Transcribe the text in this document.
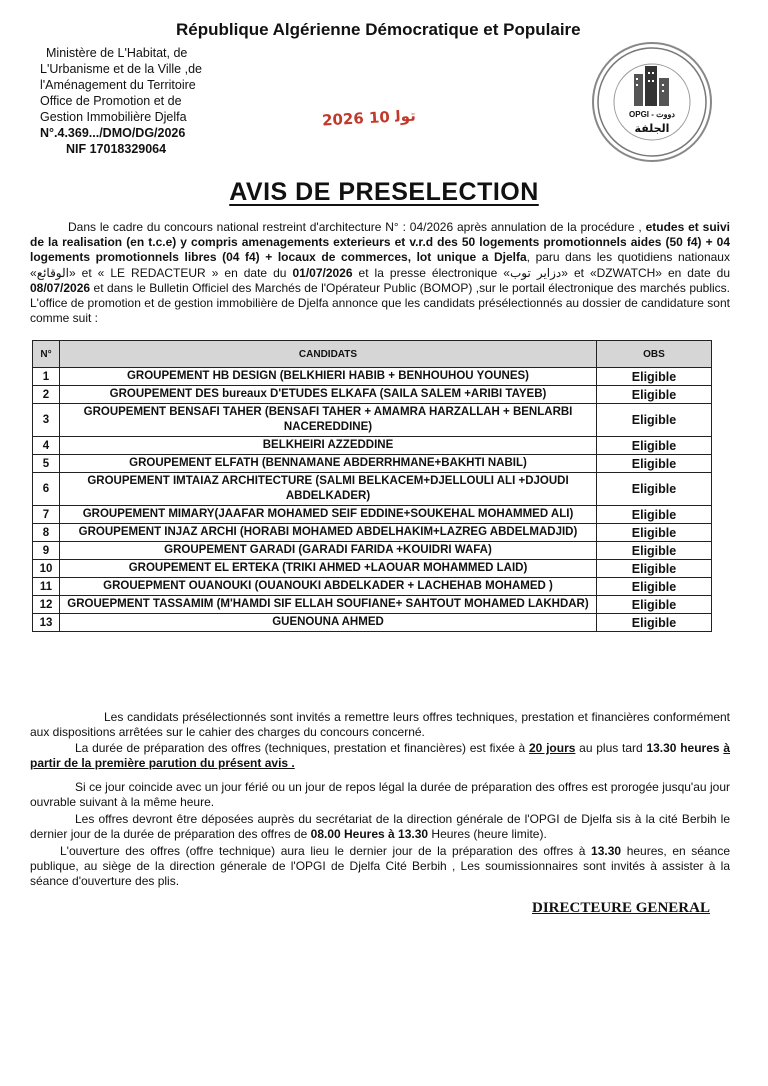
République Algérienne Démocratique et Populaire
Ministère de L'Habitat, de
L'Urbanisme et de la Ville ,de
l'Aménagement du Territoire
Office de Promotion et de
Gestion Immobilière Djelfa
N°.4.369.../DMO/DG/2026
NIF 17018329064
2026 ﺗﻮﻟ 10	OPGI - ﺩﻭﻭﺕ
الجلفة
AVIS DE PRESELECTION
Dans le cadre du concours national restreint d'architecture N° : 04/2026 après annulation de la procédure , etudes et suivi de la realisation (en t.c.e) y compris amenagements exterieurs et v.r.d des 50 logements promotionnels aides (50 f4) + 04 logements promotionnels libres (04 f4) + locaux de commerces, lot unique a Djelfa, paru dans les quotidiens nationaux «الوقائع» et « LE REDACTEUR » en date du 01/07/2026 et la presse électronique «دزاير توب» et «DZWATCH» en date du 08/07/2026 et dans le Bulletin Officiel des Marchés de l'Opérateur Public (BOMOP) ,sur le portail électronique des marchés publics. L'office de promotion et de gestion immobilière de Djelfa annonce que les candidats présélectionnés au dossier de candidature sont comme suit :
N°	CANDIDATS	OBS
1	GROUPEMENT HB DESIGN (BELKHIERI HABIB + BENHOUHOU YOUNES)	Eligible
2	GROUPEMENT DES bureaux D'ETUDES ELKAFA (SAILA SALEM +ARIBI TAYEB)	Eligible
3	GROUPEMENT BENSAFI TAHER (BENSAFI TAHER + AMAMRA HARZALLAH + BENLARBI NACEREDDINE)	Eligible
4	BELKHEIRI AZZEDDINE	Eligible
5	GROUPEMENT ELFATH (BENNAMANE ABDERRHMANE+BAKHTI NABIL)	Eligible
6	GROUPEMENT IMTAIAZ ARCHITECTURE (SALMI BELKACEM+DJELLOULI ALI +DJOUDI ABDELKADER)	Eligible
7	GROUPEMENT MIMARY(JAAFAR MOHAMED SEIF EDDINE+SOUKEHAL MOHAMMED ALI)	Eligible
8	GROUPEMENT INJAZ ARCHI (HORABI MOHAMED ABDELHAKIM+LAZREG ABDELMADJID)	Eligible
9	GROUPEMENT GARADI (GARADI FARIDA +KOUIDRI WAFA)	Eligible
10	GROUPEMENT EL ERTEKA (TRIKI AHMED +LAOUAR MOHAMMED LAID)	Eligible
11	GROUEPMENT OUANOUKI (OUANOUKI ABDELKADER + LACHEHAB MOHAMED )	Eligible
12	GROUEPMENT TASSAMIM (M'HAMDI SIF ELLAH SOUFIANE+ SAHTOUT MOHAMED LAKHDAR)	Eligible
13	GUENOUNA AHMED	Eligible
Les candidats présélectionnés sont invités a remettre leurs offres techniques, prestation et financières conformément aux dispositions arrêtées sur le cahier des charges du concours concerné.
La durée de préparation des offres (techniques, prestation et financières) est fixée à 20 jours au plus tard 13.30 heures à partir de la première parution du présent avis .
Si ce jour coincide avec un jour férié ou un jour de repos légal la durée de préparation des offres est prorogée jusqu'au jour ouvrable suivant à la même heure.
Les offres devront être déposées auprès du secrétariat de la direction générale de l'OPGI de Djelfa sis à la cité Berbih le dernier jour de la durée de préparation des offres de 08.00 Heures à 13.30 Heures (heure limite).
L'ouverture des offres (offre technique) aura lieu le dernier jour de la préparation des offres à 13.30 heures, en séance publique, au siège de la direction génerale de l'OPGI de Djelfa Cité Berbih , Les soumissionnaires sont invités à assister à la séance d'ouverture des plis.
DIRECTEURE GENERAL
